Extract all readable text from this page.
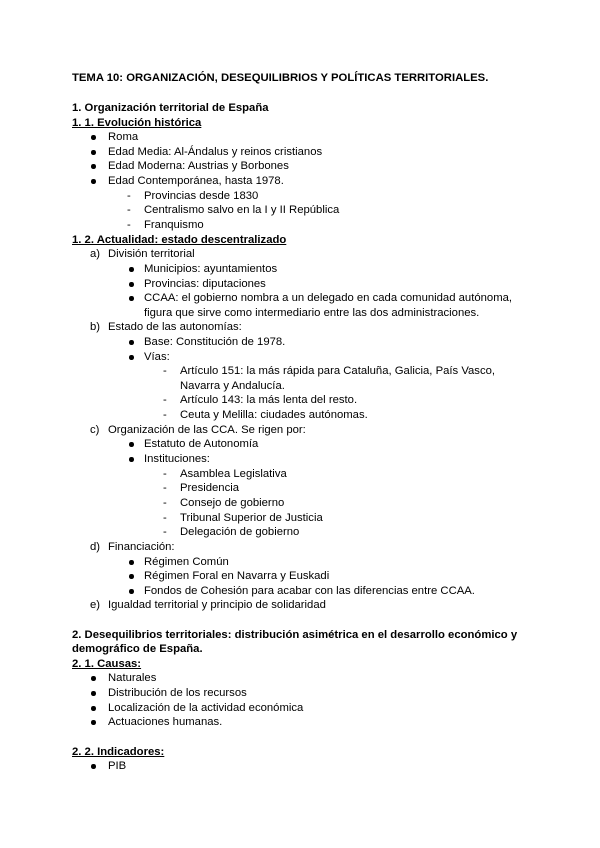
TEMA 10: ORGANIZACIÓN, DESEQUILIBRIOS Y POLÍTICAS TERRITORIALES.
1. Organización territorial de España
1. 1. Evolución histórica
Roma
Edad Media: Al-Ándalus y reinos cristianos
Edad Moderna: Austrias y Borbones
Edad Contemporánea, hasta 1978.
- Provincias desde 1830
- Centralismo salvo en la I y II República
- Franquismo
1. 2. Actualidad: estado descentralizado
a) División territorial
Municipios: ayuntamientos
Provincias: diputaciones
CCAA: el gobierno nombra a un delegado en cada comunidad autónoma,
figura que sirve como intermediario entre las dos administraciones.
b) Estado de las autonomías:
Base: Constitución de 1978.
Vías:
- Artículo 151: la más rápida para Cataluña, Galicia, País Vasco,
Navarra y Andalucía.
- Artículo 143: la más lenta del resto.
- Ceuta y Melilla: ciudades autónomas.
c) Organización de las CCA. Se rigen por:
Estatuto de Autonomía
Instituciones:
- Asamblea Legislativa
- Presidencia
- Consejo de gobierno
- Tribunal Superior de Justicia
- Delegación de gobierno
d) Financiación:
Régimen Común
Régimen Foral en Navarra y Euskadi
Fondos de Cohesión para acabar con las diferencias entre CCAA.
e) Igualdad territorial y principio de solidaridad
2. Desequilibrios territoriales: distribución asimétrica en el desarrollo económico y
demográfico de España.
2. 1. Causas:
Naturales
Distribución de los recursos
Localización de la actividad económica
Actuaciones humanas.
2. 2. Indicadores:
PIB
